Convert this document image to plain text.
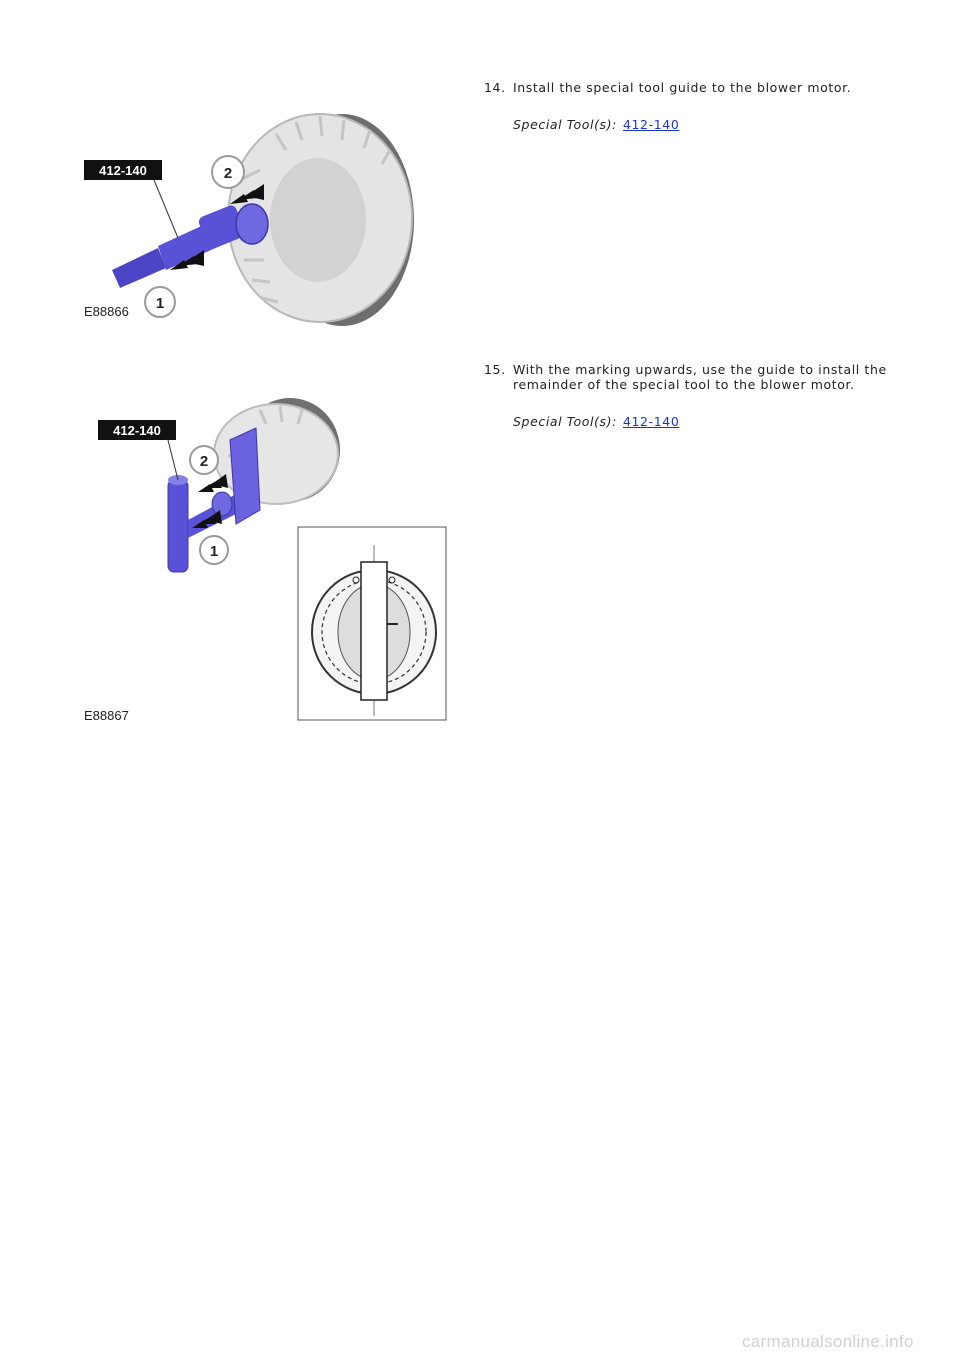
412-140	2
1
E88866
412-140
2
1
E88867
14. Install the special tool guide to the blower motor.
Special Tool(s): 412-140
15. With the marking upwards, use the guide to install the remainder of the special tool to the blower motor.
Special Tool(s): 412-140
carmanualsonline.info
